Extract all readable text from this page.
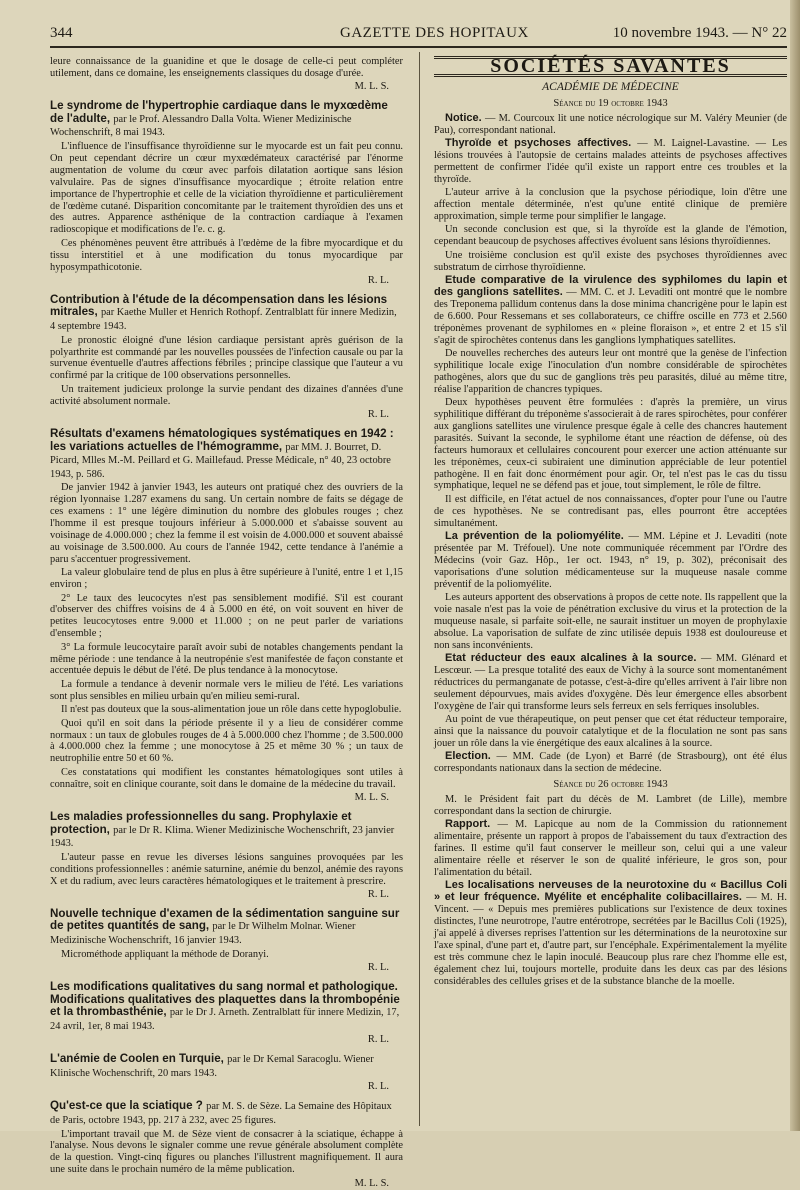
344	GAZETTE DES HOPITAUX	10 novembre 1943. — N° 22

leure connaissance de la guanidine et que le dosage de celle-ci peut compléter utilement, dans ce domaine, les enseignements classiques du dosage d'urée.

M. L. S.
Le syndrome de l'hypertrophie cardiaque dans le myxœdème de l'adulte, par le Prof. Alessandro Dalla Volta. Wiener Medizinische Wochenschrift, 8 mai 1943.

L'influence de l'insuffisance thyroïdienne sur le myocarde est un fait peu connu. On peut cependant décrire un cœur myxœdémateux caractérisé par l'énorme augmentation de volume du cœur avec parfois dilatation aortique sans lésion valvulaire. Pas de signes d'insuffisance myocardique ; étroite relation entre importance de l'hypertrophie et celle de la viciation thyroïdienne et particulièrement de l'œdème cutané. Disparition concomitante par le traitement thyroïdien des uns et des autres. Apparence asthénique de la contraction cardiaque à l'examen radioscopique et modifications de l'e. c. g.

Ces phénomènes peuvent être attribués à l'œdème de la fibre myocardique et du tissu interstitiel et à une modification du tonus myocardique par hyposympathicotonie.

R. L.
Contribution à l'étude de la décompensation dans les lésions mitrales, par Kaethe Muller et Henrich Rothopf. Zentralblatt für innere Medizin, 4 septembre 1943.

Le pronostic éloigné d'une lésion cardiaque persistant après guérison de la polyarthrite est commandé par les nouvelles poussées de l'infection causale ou par la survenue éventuelle d'autres affections fébriles ; principe classique que l'auteur a vu confirmé par la critique de 100 observations personnelles.

Un traitement judicieux prolonge la survie pendant des dizaines d'années d'une activité absolument normale.

R. L.
Résultats d'examens hématologiques systématiques en 1942 : les variations actuelles de l'hémogramme, par MM. J. Bourret, D. Picard, Mlles M.-M. Peillard et G. Maillefaud. Presse Médicale, n° 40, 23 octobre 1943, p. 586.

De janvier 1942 à janvier 1943, les auteurs ont pratiqué chez des ouvriers de la région lyonnaise 1.287 examens du sang. Un certain nombre de faits se dégage de ces examens : 1° une légère diminution du nombre des globules rouges ; chez l'homme il est presque toujours inférieur à 5.000.000 et s'abaisse souvent au voisinage de 4.000.000 ; chez la femme il est voisin de 4.000.000 et souvent abaissé au voisinage de 3.500.000. Au cours de l'année 1942, cette tendance à l'anémie a paru s'accentuer progressivement.

La valeur globulaire tend de plus en plus à être supérieure à l'unité, entre 1 et 1,15 environ ;

2° Le taux des leucocytes n'est pas sensiblement modifié. S'il est courant d'observer des chiffres voisins de 4 à 5.000 en été, on voit souvent en hiver de petites leucocytoses entre 9.000 et 11.000 ; on ne peut parler de variations d'ensemble ;

3° La formule leucocytaire paraît avoir subi de notables changements pendant la même période : une tendance à la neutropénie s'est manifestée de façon constante et accentuée depuis le début de l'été. De plus tendance à la monocytose.

La formule a tendance à devenir normale vers le milieu de l'été. Les variations sont plus sensibles en milieu urbain qu'en milieu semi-rural.

Il n'est pas douteux que la sous-alimentation joue un rôle dans cette hypoglobulie.

Quoi qu'il en soit dans la période présente il y a lieu de considérer comme normaux : un taux de globules rouges de 4 à 5.000.000 chez l'homme ; de 3.500.000 à 4.000.000 chez la femme ; une monocytose à 25 et même 30 % ; un taux de neutrophilie entre 50 et 60 %.

Ces constatations qui modifient les constantes hématologiques sont utiles à connaître, soit en clinique courante, soit dans le domaine de la médecine du travail.

M. L. S.
Les maladies professionnelles du sang. Prophylaxie et protection, par le Dr R. Klima. Wiener Medizinische Wochenschrift, 23 janvier 1943.

L'auteur passe en revue les diverses lésions sanguines provoquées par les conditions professionnelles : anémie saturnine, anémie du benzol, anémie des rayons X et du radium, avec leurs caractères hématologiques et le traitement à prescrire.

R. L.
Nouvelle technique d'examen de la sédimentation sanguine sur de petites quantités de sang, par le Dr Wilhelm Molnar. Wiener Medizinische Wochenschrift, 16 janvier 1943.

Microméthode appliquant la méthode de Doranyi.

R. L.
Les modifications qualitatives du sang normal et pathologique. Modifications qualitatives des plaquettes dans la thrombopénie et la thrombasthénie, par le Dr J. Arneth. Zentralblatt für innere Medizin, 17, 24 avril, 1er, 8 mai 1943.
R. L.
L'anémie de Coolen en Turquie, par le Dr Kemal Saracoglu. Wiener Klinische Wochenschrift, 20 mars 1943.
R. L.
Qu'est-ce que la sciatique ? par M. S. de Sèze. La Semaine des Hôpitaux de Paris, octobre 1943, pp. 217 à 232, avec 25 figures.

L'important travail que M. de Sèze vient de consacrer à la sciatique, échappe à l'analyse. Nous devons le signaler comme une revue générale absolument complète de la question. Vingt-cinq figures ou planches l'illustrent magnifiquement. Il aura une suite dans le prochain numéro de la même publication.

M. L. S.

SOCIÉTÉS SAVANTES

ACADÉMIE DE MÉDECINE

Séance du 19 octobre 1943

Notice. — M. Courcoux lit une notice nécrologique sur M. Valéry Meunier (de Pau), correspondant national.

Thyroïde et psychoses affectives. — M. Laignel-Lavastine. — Les lésions trouvées à l'autopsie de certains malades atteints de psychoses affectives permettent de confirmer l'idée qu'il existe un rapport entre ces troubles et la thyroïde.

L'auteur arrive à la conclusion que la psychose périodique, loin d'être une affection mentale déterminée, n'est qu'une entité clinique de première approximation, simple terme pour simplifier le langage.

Un seconde conclusion est que, si la thyroïde est la glande de l'émotion, cependant beaucoup de psychoses affectives évoluent sans lésions thyroïdiennes.

Une troisième conclusion est qu'il existe des psychoses thyroïdiennes avec substratum de cirrhose thyroïdienne.

Etude comparative de la virulence des syphilomes du lapin et des ganglions satellites. — MM. C. et J. Levaditi ont montré que le nombre des Treponema pallidum contenus dans la dose minima chancrigène pour le lapin est de 6.600. Pour Ressemans et ses collaborateurs, ce chiffre oscille en 773 et 2.560 tréponèmes provenant de syphilomes en « pleine floraison », et entre 2 et 15 s'il s'agit de spirochètes contenus dans les ganglions lymphatiques satellites.

De nouvelles recherches des auteurs leur ont montré que la genèse de l'infection syphilitique locale exige l'inoculation d'un nombre considérable de spirochètes pathogènes, alors que du suc de ganglions très peu parasités, dilué au même titre, réalise l'apparition de chancres typiques.

Deux hypothèses peuvent être formulées : d'après la première, un virus syphilitique différant du tréponème s'associerait à de rares spirochètes, pour conférer aux ganglions satellites une virulence presque égale à celle des chancres hautement parasités. Suivant la seconde, le syphilome étant une réaction de défense, où des facteurs humoraux et cellulaires concourent pour exercer une action atténuante sur les tréponèmes, ceux-ci subiraient une diminution appréciable de leur potentiel pathogène. Il en fait donc énormément pour agir. Or, tel n'est pas le cas du tissu symphatique, lequel ne se défend pas et joue, tout simplement, le rôle de filtre.

Il est difficile, en l'état actuel de nos connaissances, d'opter pour l'une ou l'autre de ces hypothèses. Ne se contredisant pas, elles pourront être acceptées simultanément.

La prévention de la poliomyélite. — MM. Lépine et J. Levaditi (note présentée par M. Tréfouel). Une note communiquée récemment par l'Ordre des Médecins (voir Gaz. Hôp., 1er oct. 1943, n° 19, p. 302), préconisait des vaporisations d'une solution médicamenteuse sur la muqueuse nasale comme préventif de la poliomyélite.

Les auteurs apportent des observations à propos de cette note. Ils rappellent que la voie nasale n'est pas la voie de pénétration exclusive du virus et la protection de la muqueuse nasale, si parfaite soit-elle, ne saurait instituer un moyen de prophylaxie absolue. La vaporisation de sulfate de zinc utilisée depuis 1938 est douloureuse et non sans inconvénients.

Etat réducteur des eaux alcalines à la source. — MM. Glénard et Lescœur. — La presque totalité des eaux de Vichy à la source sont momentanément réductrices du permanganate de potasse, c'est-à-dire qu'elles arrivent à l'air libre non seulement dépourvues, mais avides d'oxygène. Dès leur émergence elles absorbent l'oxygène de l'air qui transforme leurs sels ferreux en sels ferriques insolubles.

Au point de vue thérapeutique, on peut penser que cet état réducteur temporaire, ainsi que la naissance du pouvoir catalytique et de la floculation ne sont pas sans jouer un rôle dans la vie énergétique des eaux alcalines à la source.

Election. — MM. Cade (de Lyon) et Barré (de Strasbourg), ont été élus correspondants nationaux dans la section de médecine.

Séance du 26 octobre 1943

M. le Président fait part du décès de M. Lambret (de Lille), membre correspondant dans la section de chirurgie.

Rapport. — M. Lapicque au nom de la Commission du rationnement alimentaire, présente un rapport à propos de l'abaissement du taux d'extraction des farines. Il estime qu'il faut conserver le meilleur son, celui qui a une valeur alimentaire réelle et réserver le son de qualité inférieure, le gros son, pour l'alimentation du bétail.

Les localisations nerveuses de la neurotoxine du « Bacillus Coli » et leur fréquence. Myélite et encéphalite colibacillaires. — M. H. Vincent. — « Depuis mes premières publications sur l'existence de deux toxines distinctes, l'une neurotrope, l'autre entérotrope, secrétées par le Bacillus Coli (1925), j'ai appelé à diverses reprises l'attention sur les déterminations de la neurotoxine sur l'axe spinal, d'une part et, d'autre part, sur l'encéphale. Expérimentalement la myélite est très commune chez le lapin inoculé. Beaucoup plus rare chez l'homme elle est, également chez lui, toujours mortelle, produite dans les deux cas par des lésions considérables des cellules grises et de la substance blanche de la moelle.
